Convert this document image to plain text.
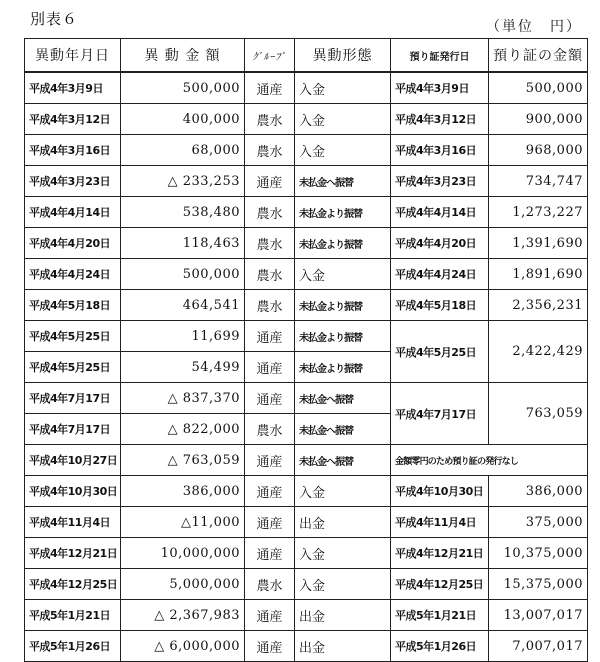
別表６	（単位　円）
異動年月日	異 動 金 額	ｸﾞﾙｰﾌﾟ	異動形態	預り証発行日	預り証の金額
平成4年3月9日	500,000	通産	入金	平成4年3月9日	500,000
平成4年3月12日	400,000	農水	入金	平成4年3月12日	900,000
平成4年3月16日	68,000	農水	入金	平成4年3月16日	968,000
平成4年3月23日	△ 233,253	通産	未払金へ振替	平成4年3月23日	734,747
平成4年4月14日	538,480	農水	未払金より振替	平成4年4月14日	1,273,227
平成4年4月20日	118,463	農水	未払金より振替	平成4年4月20日	1,391,690
平成4年4月24日	500,000	農水	入金	平成4年4月24日	1,891,690
平成4年5月18日	464,541	農水	未払金より振替	平成4年5月18日	2,356,231
平成4年5月25日	11,699	通産	未払金より振替	平成4年5月25日	2,422,429
平成4年5月25日	54,499	通産	未払金より振替		
平成4年7月17日	△ 837,370	通産	未払金へ振替	平成4年7月17日	763,059
平成4年7月17日	△ 822,000	農水	未払金へ振替		
平成4年10月27日	△ 763,059	通産	未払金へ振替	金額零円のため預り証の発行なし	
平成4年10月30日	386,000	通産	入金	平成4年10月30日	386,000
平成4年11月4日	△11,000	通産	出金	平成4年11月4日	375,000
平成4年12月21日	10,000,000	通産	入金	平成4年12月21日	10,375,000
平成4年12月25日	5,000,000	農水	入金	平成4年12月25日	15,375,000
平成5年1月21日	△ 2,367,983	通産	出金	平成5年1月21日	13,007,017
平成5年1月26日	△ 6,000,000	通産	出金	平成5年1月26日	7,007,017
